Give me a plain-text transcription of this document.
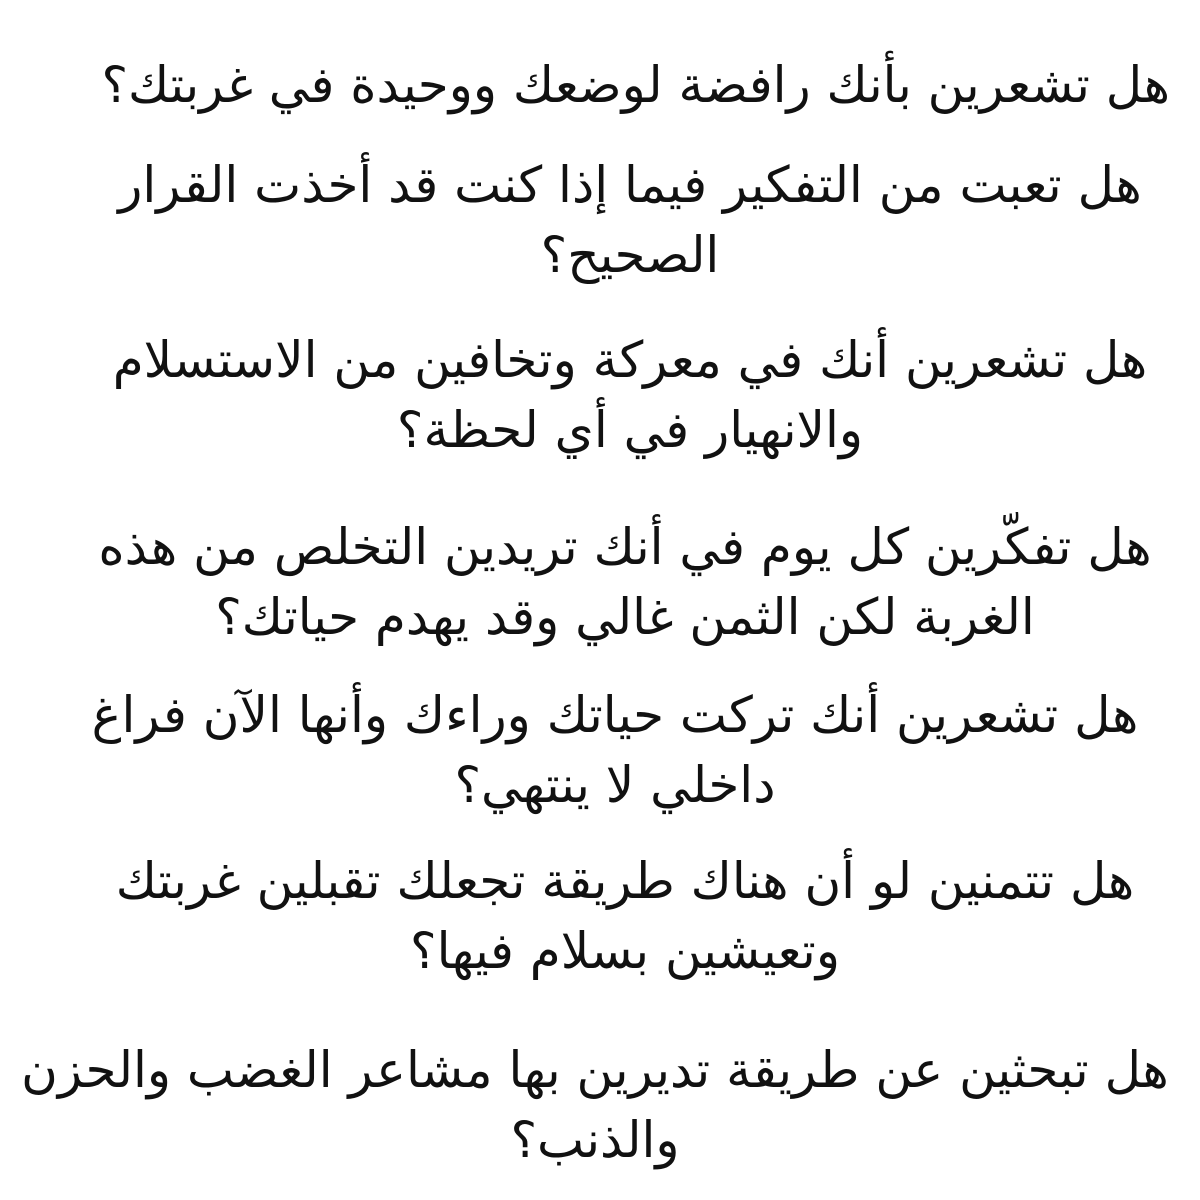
هل تشعرين بأنك رافضة لوضعك ووحيدة في غربتك؟

هل تعبت من التفكير فيما إذا كنت قد أخذت القرار
الصحيح؟

هل تشعرين أنك في معركة وتخافين من الاستسلام
والانهيار في أي لحظة؟

هل تفكّرين كل يوم في أنك تريدين التخلص من هذه
الغربة لكن الثمن غالي وقد يهدم حياتك؟

هل تشعرين أنك تركت حياتك وراءك وأنها الآن فراغ
داخلي لا ينتهي؟

هل تتمنين لو أن هناك طريقة تجعلك تقبلين غربتك
وتعيشين بسلام فيها؟

هل تبحثين عن طريقة تديرين بها مشاعر الغضب والحزن
والذنب؟
